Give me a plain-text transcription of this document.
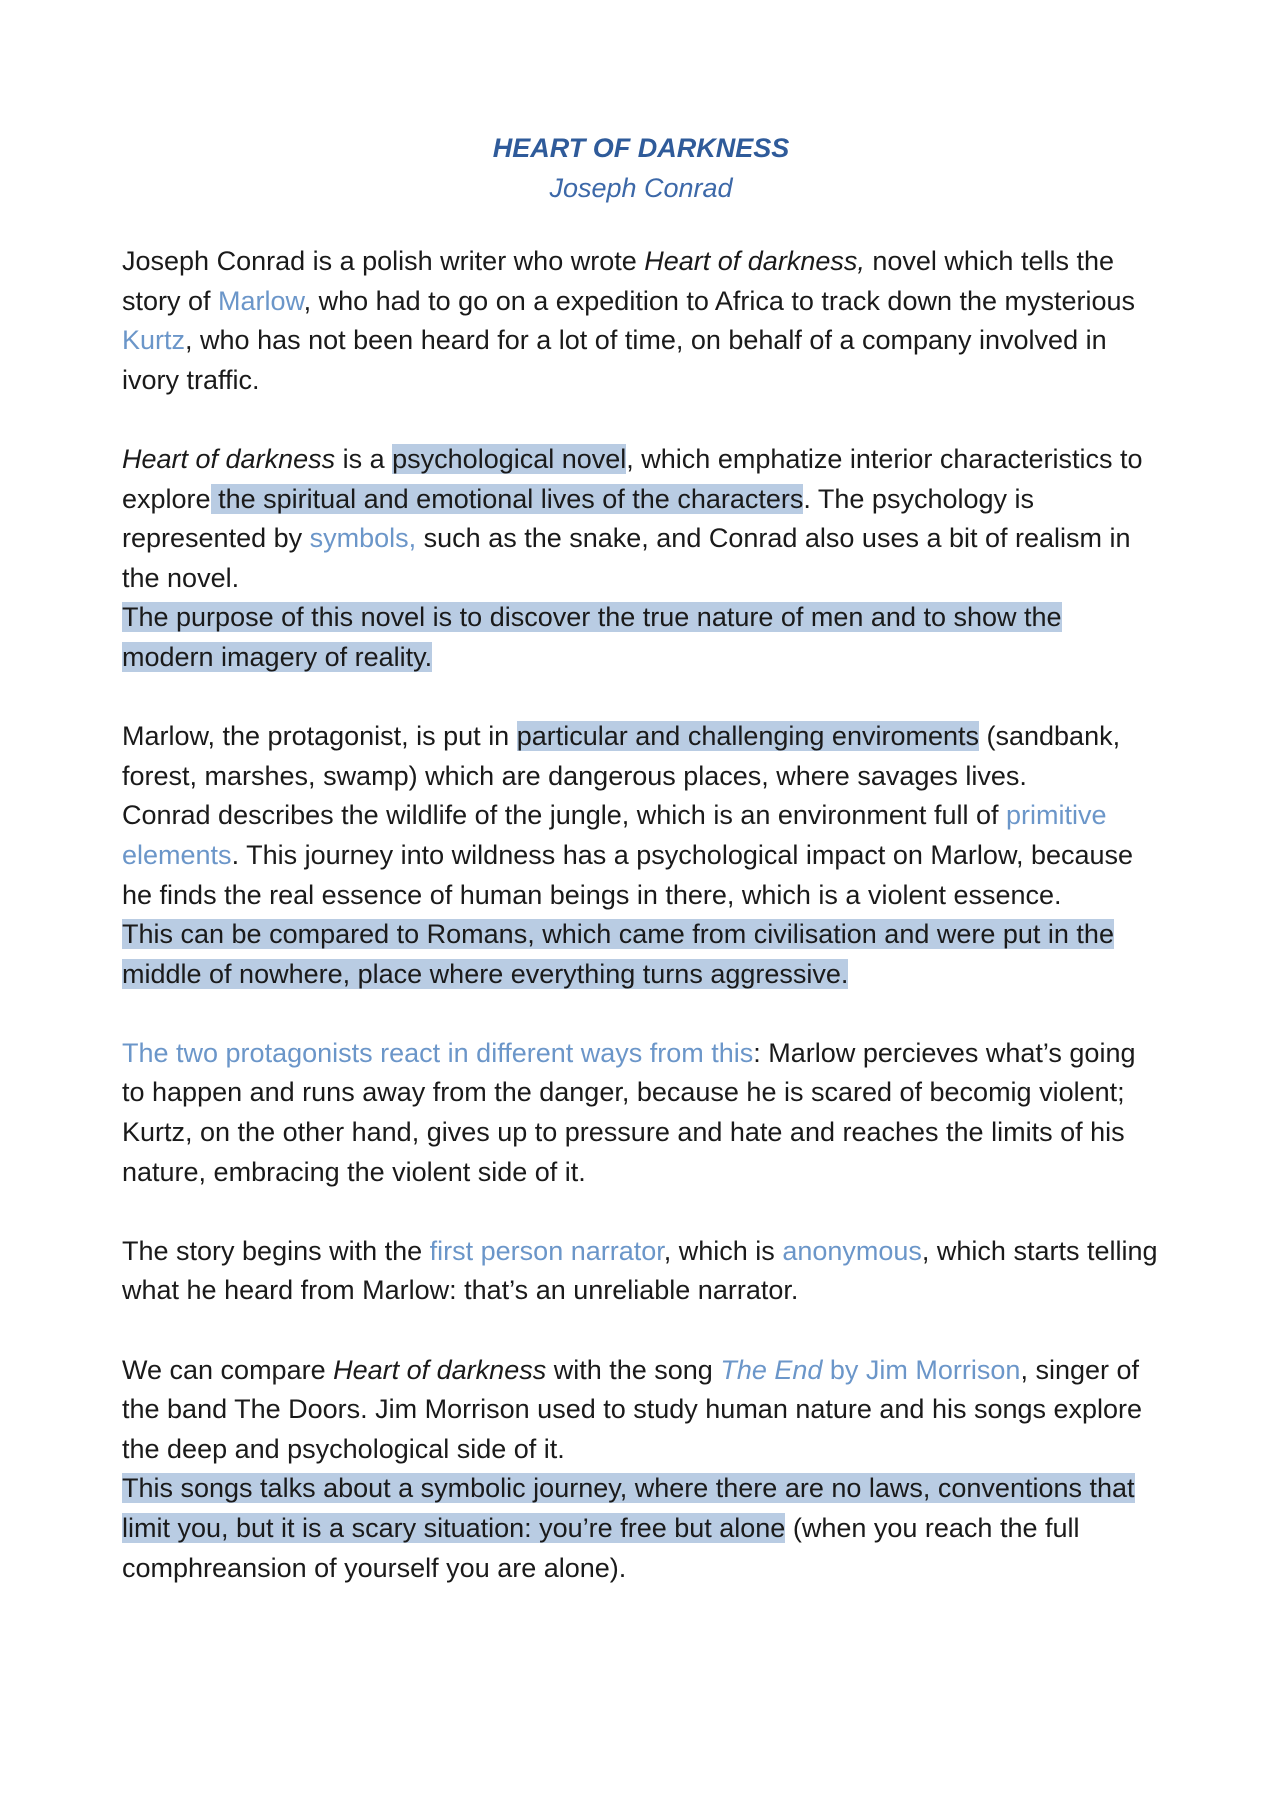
HEART OF DARKNESS
Joseph Conrad

Joseph Conrad is a polish writer who wrote Heart of darkness, novel which tells the story of Marlow, who had to go on a expedition to Africa to track down the mysterious Kurtz, who has not been heard for a lot of time, on behalf of a company involved in ivory traffic.

Heart of darkness is a psychological novel, which emphatize interior characteristics to explore the spiritual and emotional lives of the characters. The psychology is represented by symbols, such as the snake, and Conrad also uses a bit of realism in the novel.
The purpose of this novel is to discover the true nature of men and to show the modern imagery of reality.

Marlow, the protagonist, is put in particular and challenging enviroments (sandbank, forest, marshes, swamp) which are dangerous places, where savages lives.
Conrad describes the wildlife of the jungle, which is an environment full of primitive elements. This journey into wildness has a psychological impact on Marlow, because he finds the real essence of human beings in there, which is a violent essence.
This can be compared to Romans, which came from civilisation and were put in the middle of nowhere, place where everything turns aggressive.

The two protagonists react in different ways from this: Marlow percieves what’s going to happen and runs away from the danger, because he is scared of becomig violent; Kurtz, on the other hand, gives up to pressure and hate and reaches the limits of his nature, embracing the violent side of it.

The story begins with the first person narrator, which is anonymous, which starts telling what he heard from Marlow: that’s an unreliable narrator.

We can compare Heart of darkness with the song The End by Jim Morrison, singer of the band The Doors. Jim Morrison used to study human nature and his songs explore the deep and psychological side of it.
This songs talks about a symbolic journey, where there are no laws, conventions that limit you, but it is a scary situation: you’re free but alone (when you reach the full comphreansion of yourself you are alone).
